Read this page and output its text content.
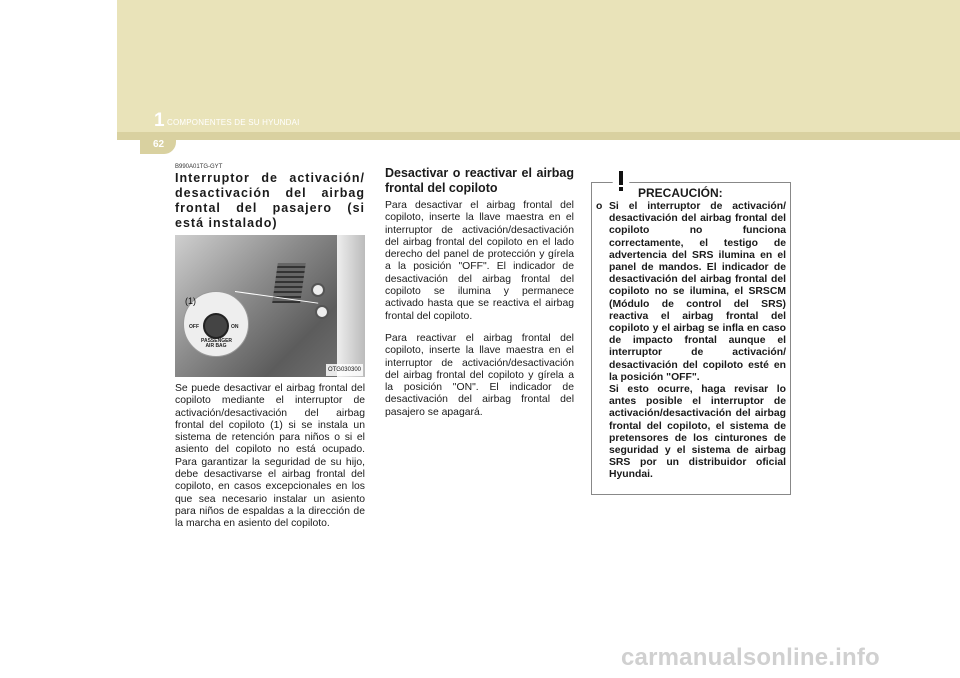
1 COMPONENTES DE SU HYUNDAI
62
B990A01TG-GYT
Interruptor de activación/ desactivación del airbag frontal del pasajero (si está instalado)
OFF	ON
PASSENGER AIR BAG
(1)
OTG030300

Se puede desactivar el airbag frontal del copiloto mediante el interruptor de activación/desactivación del airbag frontal del copiloto (1) si se instala un sistema de retención para niños o si el asiento del copiloto no está ocupado. Para garantizar la seguridad de su hijo, debe desactivarse el airbag frontal del copiloto, en casos excepcionales en los que sea necesario instalar un asiento para niños de espaldas a la dirección de la marcha en asiento del copiloto.

Desactivar o reactivar el airbag frontal del copiloto

Para desactivar el airbag frontal del copiloto, inserte la llave maestra en el interruptor de activación/desactivación del airbag frontal del copiloto en el lado derecho del panel de protección y gírela a la posición "OFF". El indicador de desactivación del airbag frontal del copiloto se ilumina y permanece activado hasta que se reactiva el airbag frontal del copiloto.

Para reactivar el airbag frontal del copiloto, inserte la llave maestra en el interruptor de activación/desactivación del airbag frontal del copiloto y gírela a la posición "ON". El indicador de desactivación del airbag frontal del pasajero se apagará.

PRECAUCIÓN:
o Si el interruptor de activación/ desactivación del airbag frontal del copiloto no funciona correctamente, el testigo de advertencia del SRS ilumina en el panel de mandos. El indicador de desactivación del airbag frontal del copiloto no se ilumina, el SRSCM (Módulo de control del SRS) reactiva el airbag frontal del copiloto y el airbag se infla en caso de impacto frontal aunque el interruptor de activación/ desactivación del copiloto esté en la posición "OFF".
Si esto ocurre, haga revisar lo antes posible el interruptor de activación/desactivación del airbag frontal del copiloto, el sistema de pretensores de los cinturones de seguridad y el sistema de airbag SRS por un distribuidor oficial Hyundai.
carmanualsonline.info
